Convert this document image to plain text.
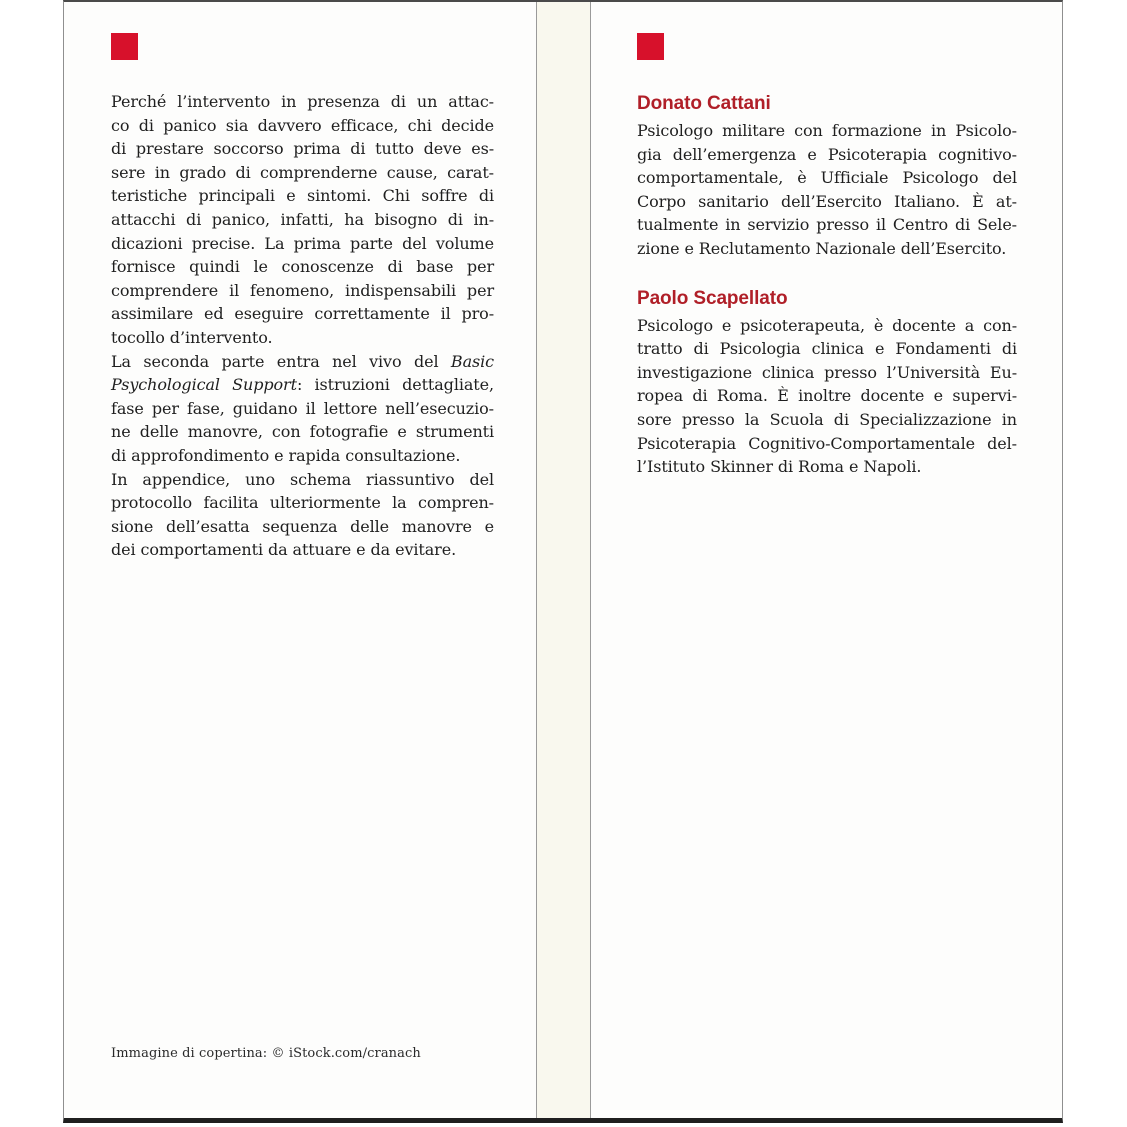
Perché l’intervento in presenza di un attac-
co di panico sia davvero efficace, chi decide
di prestare soccorso prima di tutto deve es-
sere in grado di comprenderne cause, carat-
teristiche principali e sintomi. Chi soffre di
attacchi di panico, infatti, ha bisogno di in-
dicazioni precise. La prima parte del volume
fornisce quindi le conoscenze di base per
comprendere il fenomeno, indispensabili per
assimilare ed eseguire correttamente il pro-
tocollo d’intervento.
La seconda parte entra nel vivo del Basic
Psychological Support: istruzioni dettagliate,
fase per fase, guidano il lettore nell’esecuzio-
ne delle manovre, con fotografie e strumenti
di approfondimento e rapida consultazione.
In appendice, uno schema riassuntivo del
protocollo facilita ulteriormente la compren-
sione dell’esatta sequenza delle manovre e
dei comportamenti da attuare e da evitare.
Immagine di copertina: © iStock.com/cranach
Donato Cattani
Psicologo militare con formazione in Psicolo-
gia dell’emergenza e Psicoterapia cognitivo-
comportamentale, è Ufficiale Psicologo del
Corpo sanitario dell’Esercito Italiano. È at-
tualmente in servizio presso il Centro di Sele-
zione e Reclutamento Nazionale dell’Esercito.
Paolo Scapellato
Psicologo e psicoterapeuta, è docente a con-
tratto di Psicologia clinica e Fondamenti di
investigazione clinica presso l’Università Eu-
ropea di Roma. È inoltre docente e supervi-
sore presso la Scuola di Specializzazione in
Psicoterapia Cognitivo-Comportamentale del-
l’Istituto Skinner di Roma e Napoli.
